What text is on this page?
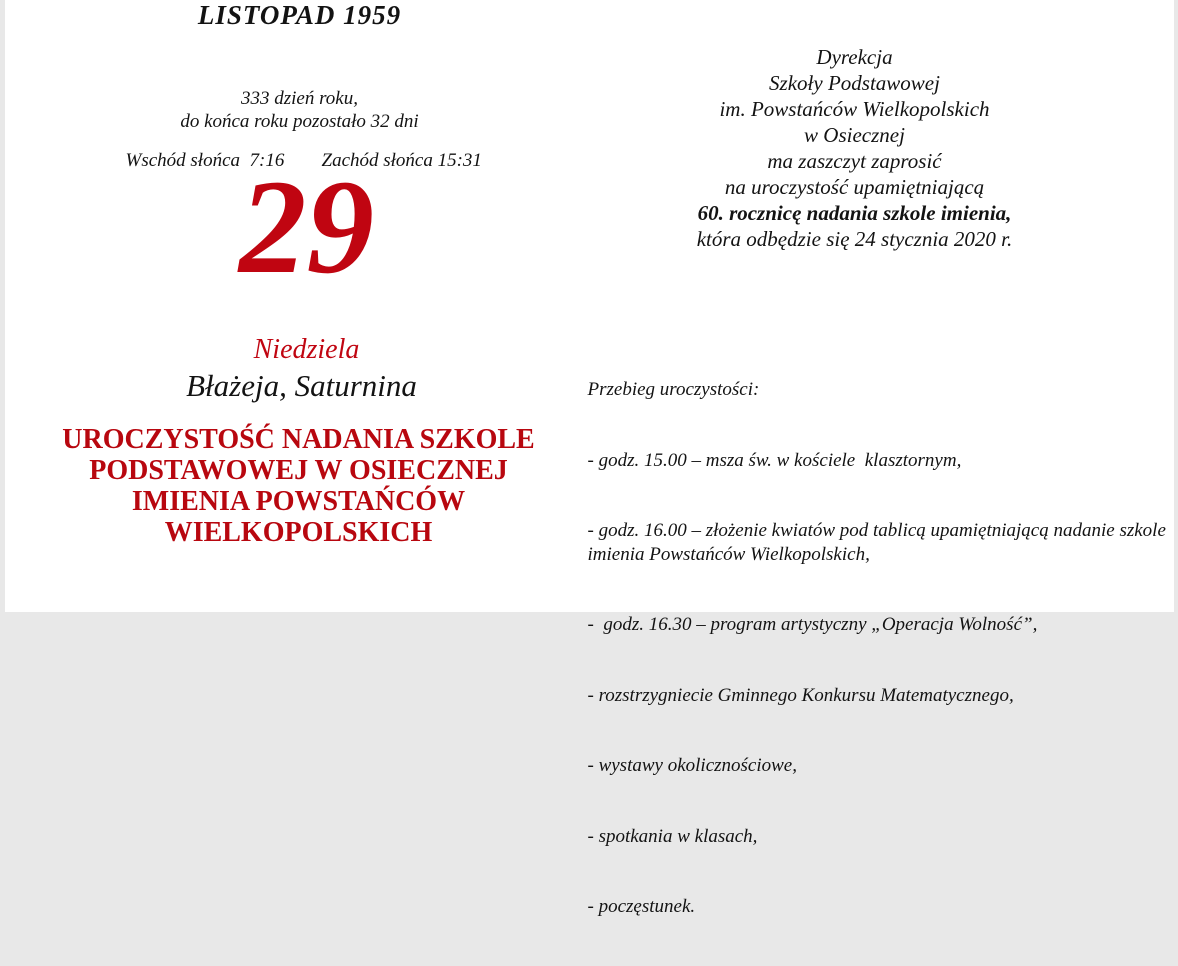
LISTOPAD 1959
333 dzień roku,
do końca roku pozostało 32 dni

Wschód słońca  7:16

Zachód słońca 15:31

29
Niedziela
Błażeja, Saturnina
UROCZYSTOŚĆ NADANIA SZKOLE
PODSTAWOWEJ W OSIECZNEJ
IMIENIA POWSTAŃCÓW
WIELKOPOLSKICH
Dyrekcja
Szkoły Podstawowej
im. Powstańców Wielkopolskich
w Osiecznej
ma zaszczyt zaprosić
na uroczystość upamiętniającą
60. rocznicę nadania szkole imienia,
która odbędzie się 24 stycznia 2020 r.

Przebieg uroczystości:

- godz. 15.00 – msza św. w kościele  klasztornym,

- godz. 16.00 – złożenie kwiatów pod tablicą upamiętniającą nadanie szkole imienia Powstańców Wielkopolskich,

-  godz. 16.30 – program artystyczny „Operacja Wolność”,

- rozstrzygniecie Gminnego Konkursu Matematycznego,

- wystawy okolicznościowe,

- spotkania w klasach,

- poczęstunek.
